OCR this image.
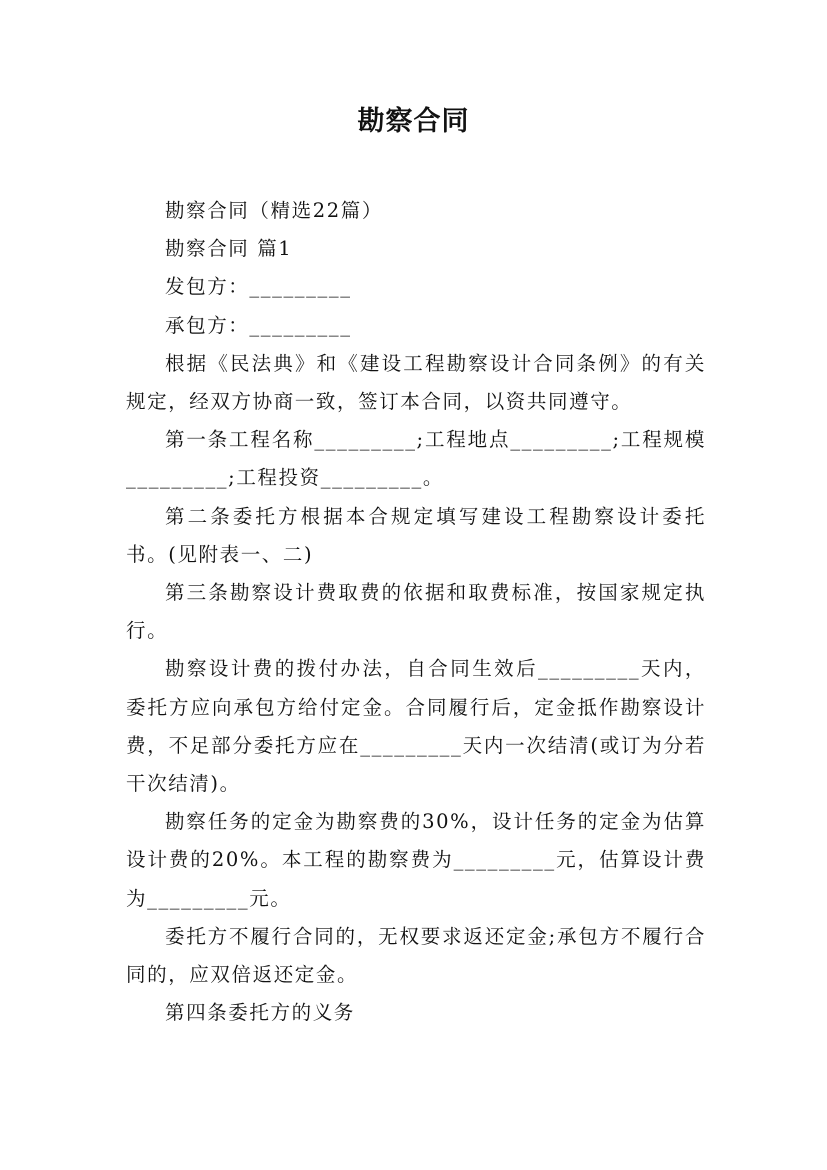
勘察合同

勘察合同（精选22篇）

勘察合同 篇1

发包方：_________

承包方：_________

根据《民法典》和《建设工程勘察设计合同条例》的有关规定，经双方协商一致，签订本合同，以资共同遵守。

第一条工程名称_________;工程地点_________;工程规模_________;工程投资_________。

第二条委托方根据本合规定填写建设工程勘察设计委托书。(见附表一、二)

第三条勘察设计费取费的依据和取费标准，按国家规定执行。

勘察设计费的拨付办法，自合同生效后_________天内，委托方应向承包方给付定金。合同履行后，定金抵作勘察设计费，不足部分委托方应在_________天内一次结清(或订为分若干次结清)。

勘察任务的定金为勘察费的30%，设计任务的定金为估算设计费的20%。本工程的勘察费为_________元，估算设计费为_________元。

委托方不履行合同的，无权要求返还定金;承包方不履行合同的，应双倍返还定金。

第四条委托方的义务
